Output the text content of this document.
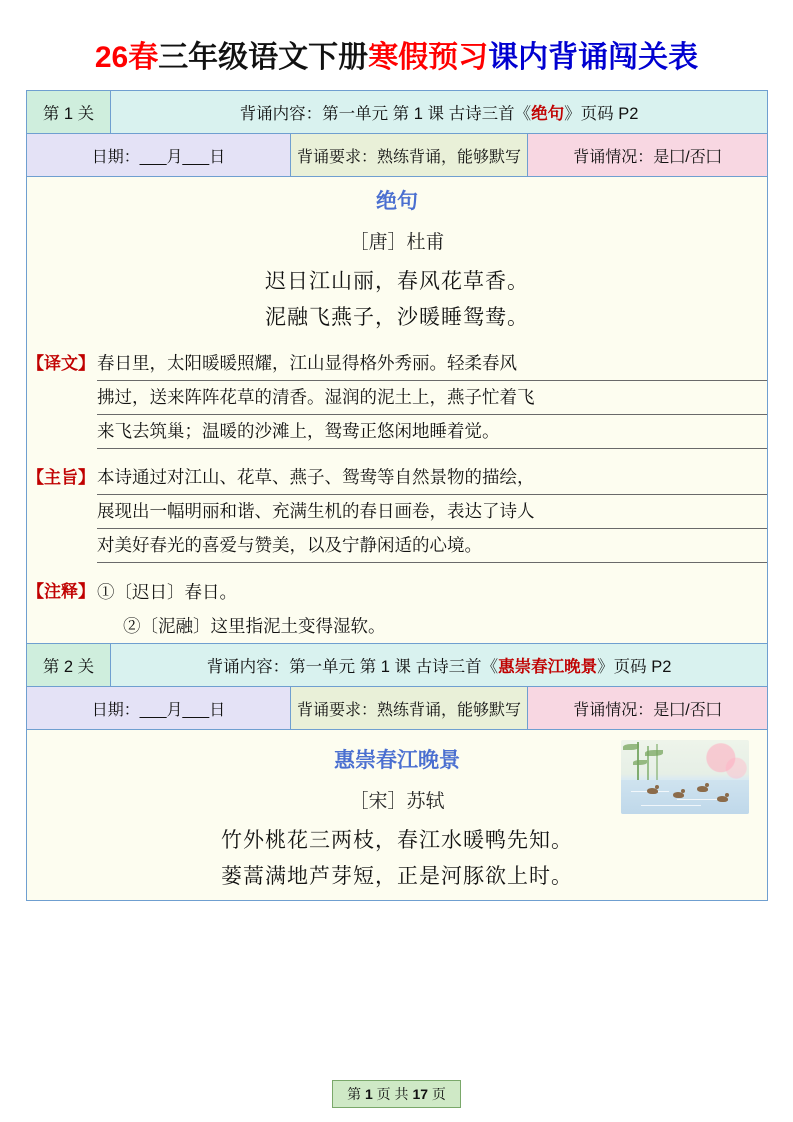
26春三年级语文下册寒假预习课内背诵闯关表
第 1 关	背诵内容：第一单元 第 1 课 古诗三首《绝句》页码 P2		
日期：___月___日		背诵要求：熟练背诵，能够默写	背诵情况：是囗/否囗

绝句
［唐］杜甫
迟日江山丽，春风花草香。
泥融飞燕子，沙暖睡鸳鸯。
【译文】 春日里，太阳暖暖照耀，江山显得格外秀丽。轻柔春风
拂过，送来阵阵花草的清香。湿润的泥土上，燕子忙着飞
来飞去筑巢；温暖的沙滩上，鸳鸯正悠闲地睡着觉。
【主旨】 本诗通过对江山、花草、燕子、鸳鸯等自然景物的描绘，
展现出一幅明丽和谐、充满生机的春日画卷，表达了诗人
对美好春光的喜爱与赞美，以及宁静闲适的心境。
【注释】 ①〔迟日〕春日。
②〔泥融〕这里指泥土变得湿软。

第 2 关	背诵内容：第一单元 第 1 课 古诗三首《惠崇春江晚景》页码 P2		
日期：___月___日		背诵要求：熟练背诵，能够默写	背诵情况：是囗/否囗

惠崇春江晚景
［宋］苏轼
竹外桃花三两枝，春江水暖鸭先知。
蒌蒿满地芦芽短，正是河豚欲上时。			
第 1 页 共 17 页
